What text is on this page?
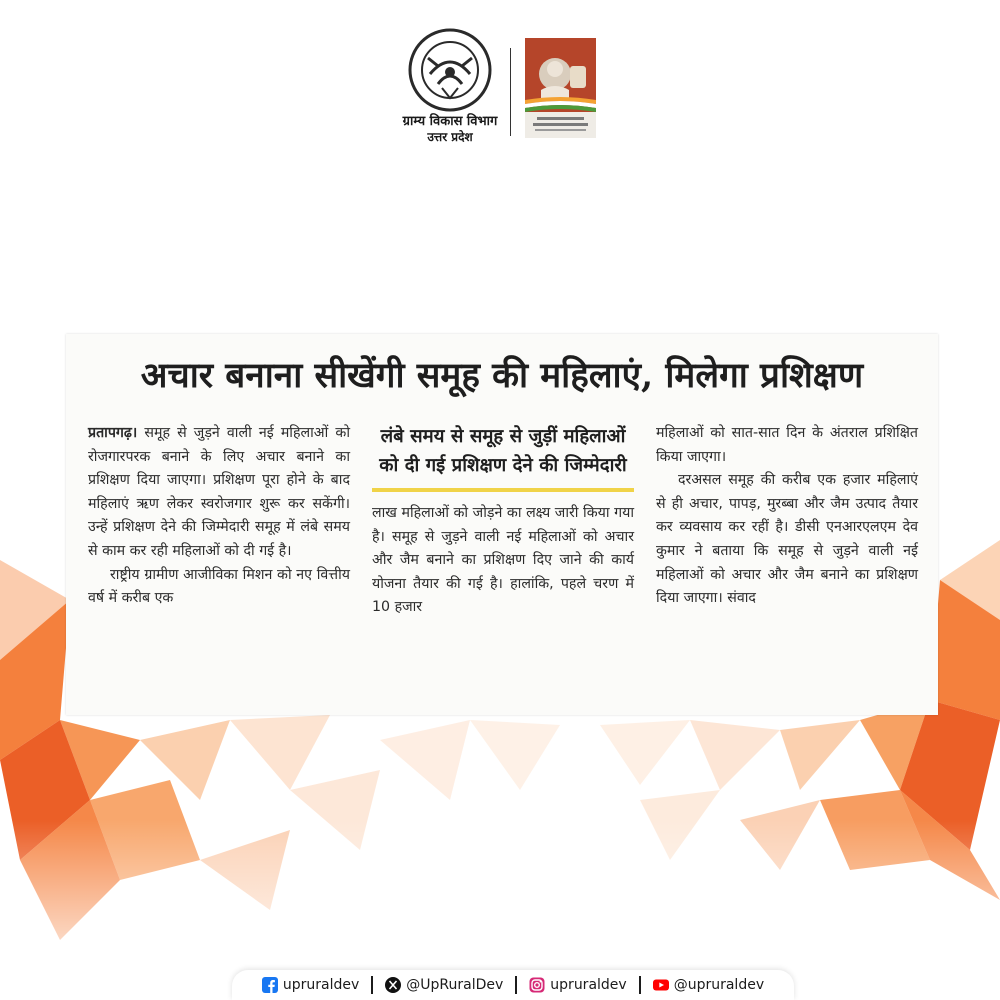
ग्राम्य विकास विभाग
उत्तर प्रदेश
अचार बनाना सीखेंगी समूह की महिलाएं, मिलेगा प्रशिक्षण

प्रतापगढ़। समूह से जुड़ने वाली नई महिलाओं को रोजगारपरक बनाने के लिए अचार बनाने का प्रशिक्षण दिया जाएगा। प्रशिक्षण पूरा होने के बाद महिलाएं ऋण लेकर स्वरोजगार शुरू कर सकेंगी। उन्हें प्रशिक्षण देने की जिम्मेदारी समूह में लंबे समय से काम कर रही महिलाओं को दी गई है।

राष्ट्रीय ग्रामीण आजीविका मिशन को नए वित्तीय वर्ष में करीब एक

लंबे समय से समूह से जुड़ीं महिलाओं को दी गई प्रशिक्षण देने की जिम्मेदारी

लाख महिलाओं को जोड़ने का लक्ष्य जारी किया गया है। समूह से जुड़ने वाली नई महिलाओं को अचार और जैम बनाने का प्रशिक्षण दिए जाने की कार्य योजना तैयार की गई है। हालांकि, पहले चरण में 10 हजार

महिलाओं को सात-सात दिन के अंतराल प्रशिक्षित किया जाएगा।

दरअसल समूह की करीब एक हजार महिलाएं से ही अचार, पापड़, मुरब्बा और जैम उत्पाद तैयार कर व्यवसाय कर रहीं है। डीसी एनआरएलएम देव कुमार ने बताया कि समूह से जुड़ने वाली नई महिलाओं को अचार और जैम बनाने का प्रशिक्षण दिया जाएगा। संवाद

upruraldev	@UpRuralDev	upruraldev	@upruraldev
